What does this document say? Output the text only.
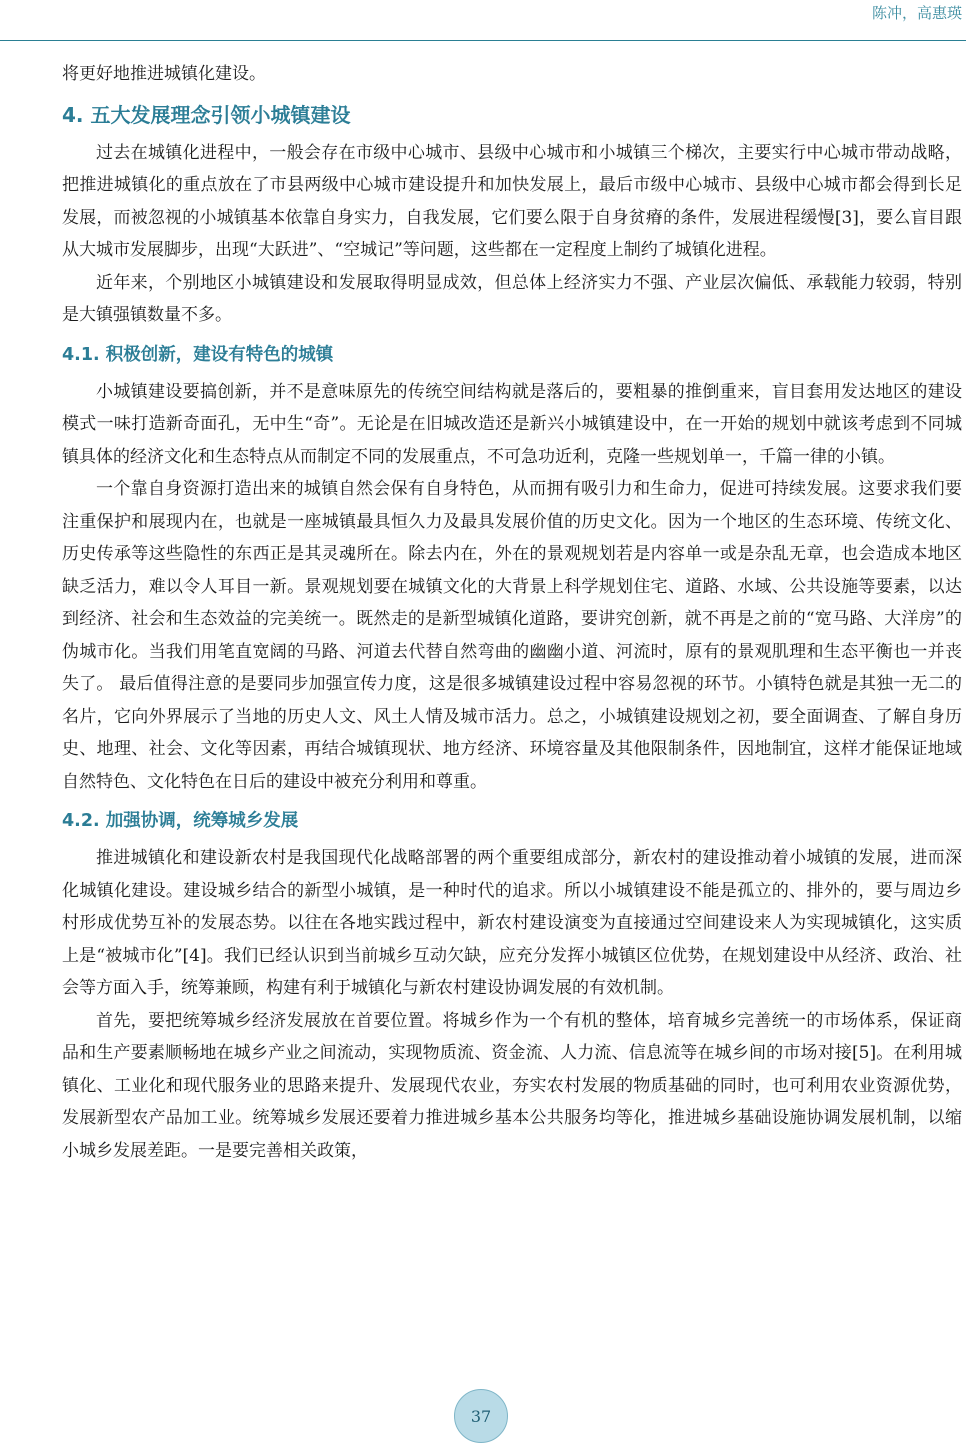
陈冲，高惠瑛

将更好地推进城镇化建设。

4. 五大发展理念引领小城镇建设

过去在城镇化进程中，一般会存在市级中心城市、县级中心城市和小城镇三个梯次，主要实行中心城市带动战略，把推进城镇化的重点放在了市县两级中心城市建设提升和加快发展上，最后市级中心城市、县级中心城市都会得到长足发展，而被忽视的小城镇基本依靠自身实力，自我发展，它们要么限于自身贫瘠的条件，发展进程缓慢[3]，要么盲目跟从大城市发展脚步，出现“大跃进”、“空城记”等问题，这些都在一定程度上制约了城镇化进程。

近年来，个别地区小城镇建设和发展取得明显成效，但总体上经济实力不强、产业层次偏低、承载能力较弱，特别是大镇强镇数量不多。

4.1. 积极创新，建设有特色的城镇

小城镇建设要搞创新，并不是意味原先的传统空间结构就是落后的，要粗暴的推倒重来，盲目套用发达地区的建设模式一味打造新奇面孔，无中生“奇”。无论是在旧城改造还是新兴小城镇建设中，在一开始的规划中就该考虑到不同城镇具体的经济文化和生态特点从而制定不同的发展重点，不可急功近利，克隆一些规划单一，千篇一律的小镇。

一个靠自身资源打造出来的城镇自然会保有自身特色，从而拥有吸引力和生命力，促进可持续发展。这要求我们要注重保护和展现内在，也就是一座城镇最具恒久力及最具发展价值的历史文化。因为一个地区的生态环境、传统文化、历史传承等这些隐性的东西正是其灵魂所在。除去内在，外在的景观规划若是内容单一或是杂乱无章，也会造成本地区缺乏活力，难以令人耳目一新。景观规划要在城镇文化的大背景上科学规划住宅、道路、水域、公共设施等要素，以达到经济、社会和生态效益的完美统一。既然走的是新型城镇化道路，要讲究创新，就不再是之前的“宽马路、大洋房”的伪城市化。当我们用笔直宽阔的马路、河道去代替自然弯曲的幽幽小道、河流时，原有的景观肌理和生态平衡也一并丧失了。 最后值得注意的是要同步加强宣传力度，这是很多城镇建设过程中容易忽视的环节。小镇特色就是其独一无二的名片，它向外界展示了当地的历史人文、风土人情及城市活力。总之，小城镇建设规划之初，要全面调查、了解自身历史、地理、社会、文化等因素，再结合城镇现状、地方经济、环境容量及其他限制条件，因地制宜，这样才能保证地域自然特色、文化特色在日后的建设中被充分利用和尊重。

4.2. 加强协调，统筹城乡发展

推进城镇化和建设新农村是我国现代化战略部署的两个重要组成部分，新农村的建设推动着小城镇的发展，进而深化城镇化建设。建设城乡结合的新型小城镇，是一种时代的追求。所以小城镇建设不能是孤立的、排外的，要与周边乡村形成优势互补的发展态势。以往在各地实践过程中，新农村建设演变为直接通过空间建设来人为实现城镇化，这实质上是“被城市化”[4]。我们已经认识到当前城乡互动欠缺，应充分发挥小城镇区位优势，在规划建设中从经济、政治、社会等方面入手，统筹兼顾，构建有利于城镇化与新农村建设协调发展的有效机制。

首先，要把统筹城乡经济发展放在首要位置。将城乡作为一个有机的整体，培育城乡完善统一的市场体系，保证商品和生产要素顺畅地在城乡产业之间流动，实现物质流、资金流、人力流、信息流等在城乡间的市场对接[5]。在利用城镇化、工业化和现代服务业的思路来提升、发展现代农业，夯实农村发展的物质基础的同时，也可利用农业资源优势，发展新型农产品加工业。统筹城乡发展还要着力推进城乡基本公共服务均等化，推进城乡基础设施协调发展机制，以缩小城乡发展差距。一是要完善相关政策，

37
